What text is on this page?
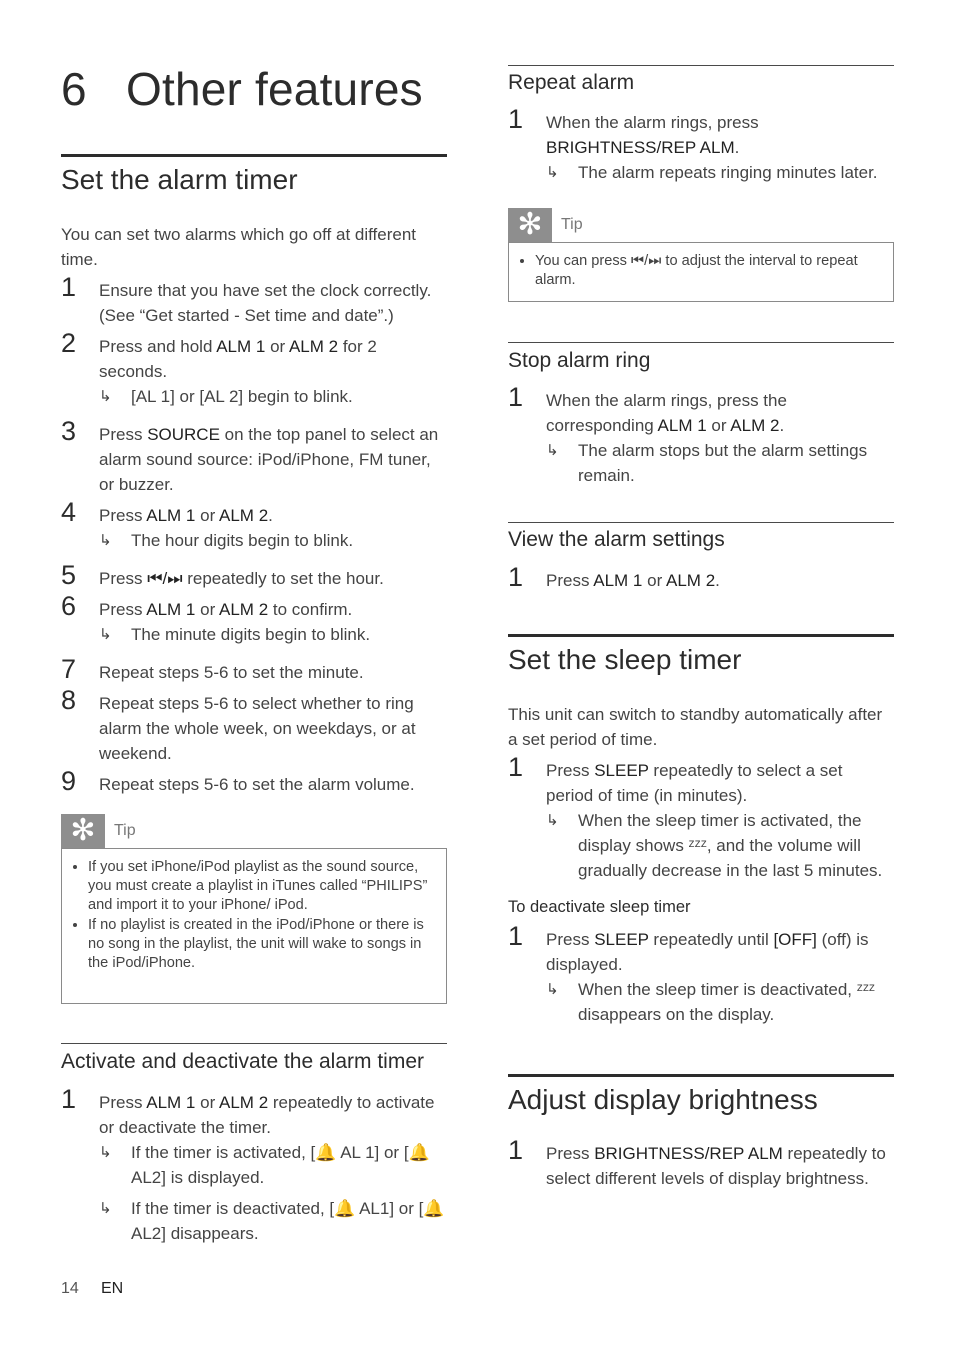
6 Other features
Set the alarm timer
You can set two alarms which go off at different time.
1 Ensure that you have set the clock correctly. (See “Get started - Set time and date”.)
2 Press and hold ALM 1 or ALM 2 for 2 seconds.
↳ [AL 1] or [AL 2] begin to blink.
3 Press SOURCE on the top panel to select an alarm sound source: iPod/iPhone, FM tuner, or buzzer.
4 Press ALM 1 or ALM 2.
↳ The hour digits begin to blink.
5 Press ⏮/⏭ repeatedly to set the hour.
6 Press ALM 1 or ALM 2 to confirm.
↳ The minute digits begin to blink.
7 Repeat steps 5-6 to set the minute.
8 Repeat steps 5-6 to select whether to ring alarm the whole week, on weekdays, or at weekend.
9 Repeat steps 5-6 to set the alarm volume.
✻	Tip
• If you set iPhone/iPod playlist as the sound source, you must create a playlist in iTunes called “PHILIPS” and import it to your iPhone/ iPod.
• If no playlist is created in the iPod/iPhone or there is no song in the playlist, the unit will wake to songs in the iPod/iPhone.
Activate and deactivate the alarm timer
1 Press ALM 1 or ALM 2 repeatedly to activate or deactivate the timer.
↳ If the timer is activated, [🔔 AL 1] or [🔔 AL2] is displayed.
↳ If the timer is deactivated, [🔔 AL1] or [🔔 AL2] disappears.
14 EN
Repeat alarm
1 When the alarm rings, press BRIGHTNESS/REP ALM.
↳ The alarm repeats ringing minutes later.
✻	Tip
• You can press ⏮/⏭ to adjust the interval to repeat alarm.
Stop alarm ring
1 When the alarm rings, press the corresponding ALM 1 or ALM 2.
↳ The alarm stops but the alarm settings remain.
View the alarm settings
1 Press ALM 1 or ALM 2.
Set the sleep timer
This unit can switch to standby automatically after a set period of time.
1 Press SLEEP repeatedly to select a set period of time (in minutes).
↳ When the sleep timer is activated, the display shows ᶻᶻᶻ, and the volume will gradually decrease in the last 5 minutes.
To deactivate sleep timer
1 Press SLEEP repeatedly until [OFF] (off) is displayed.
↳ When the sleep timer is deactivated, ᶻᶻᶻ disappears on the display.
Adjust display brightness
1 Press BRIGHTNESS/REP ALM repeatedly to select different levels of display brightness.
